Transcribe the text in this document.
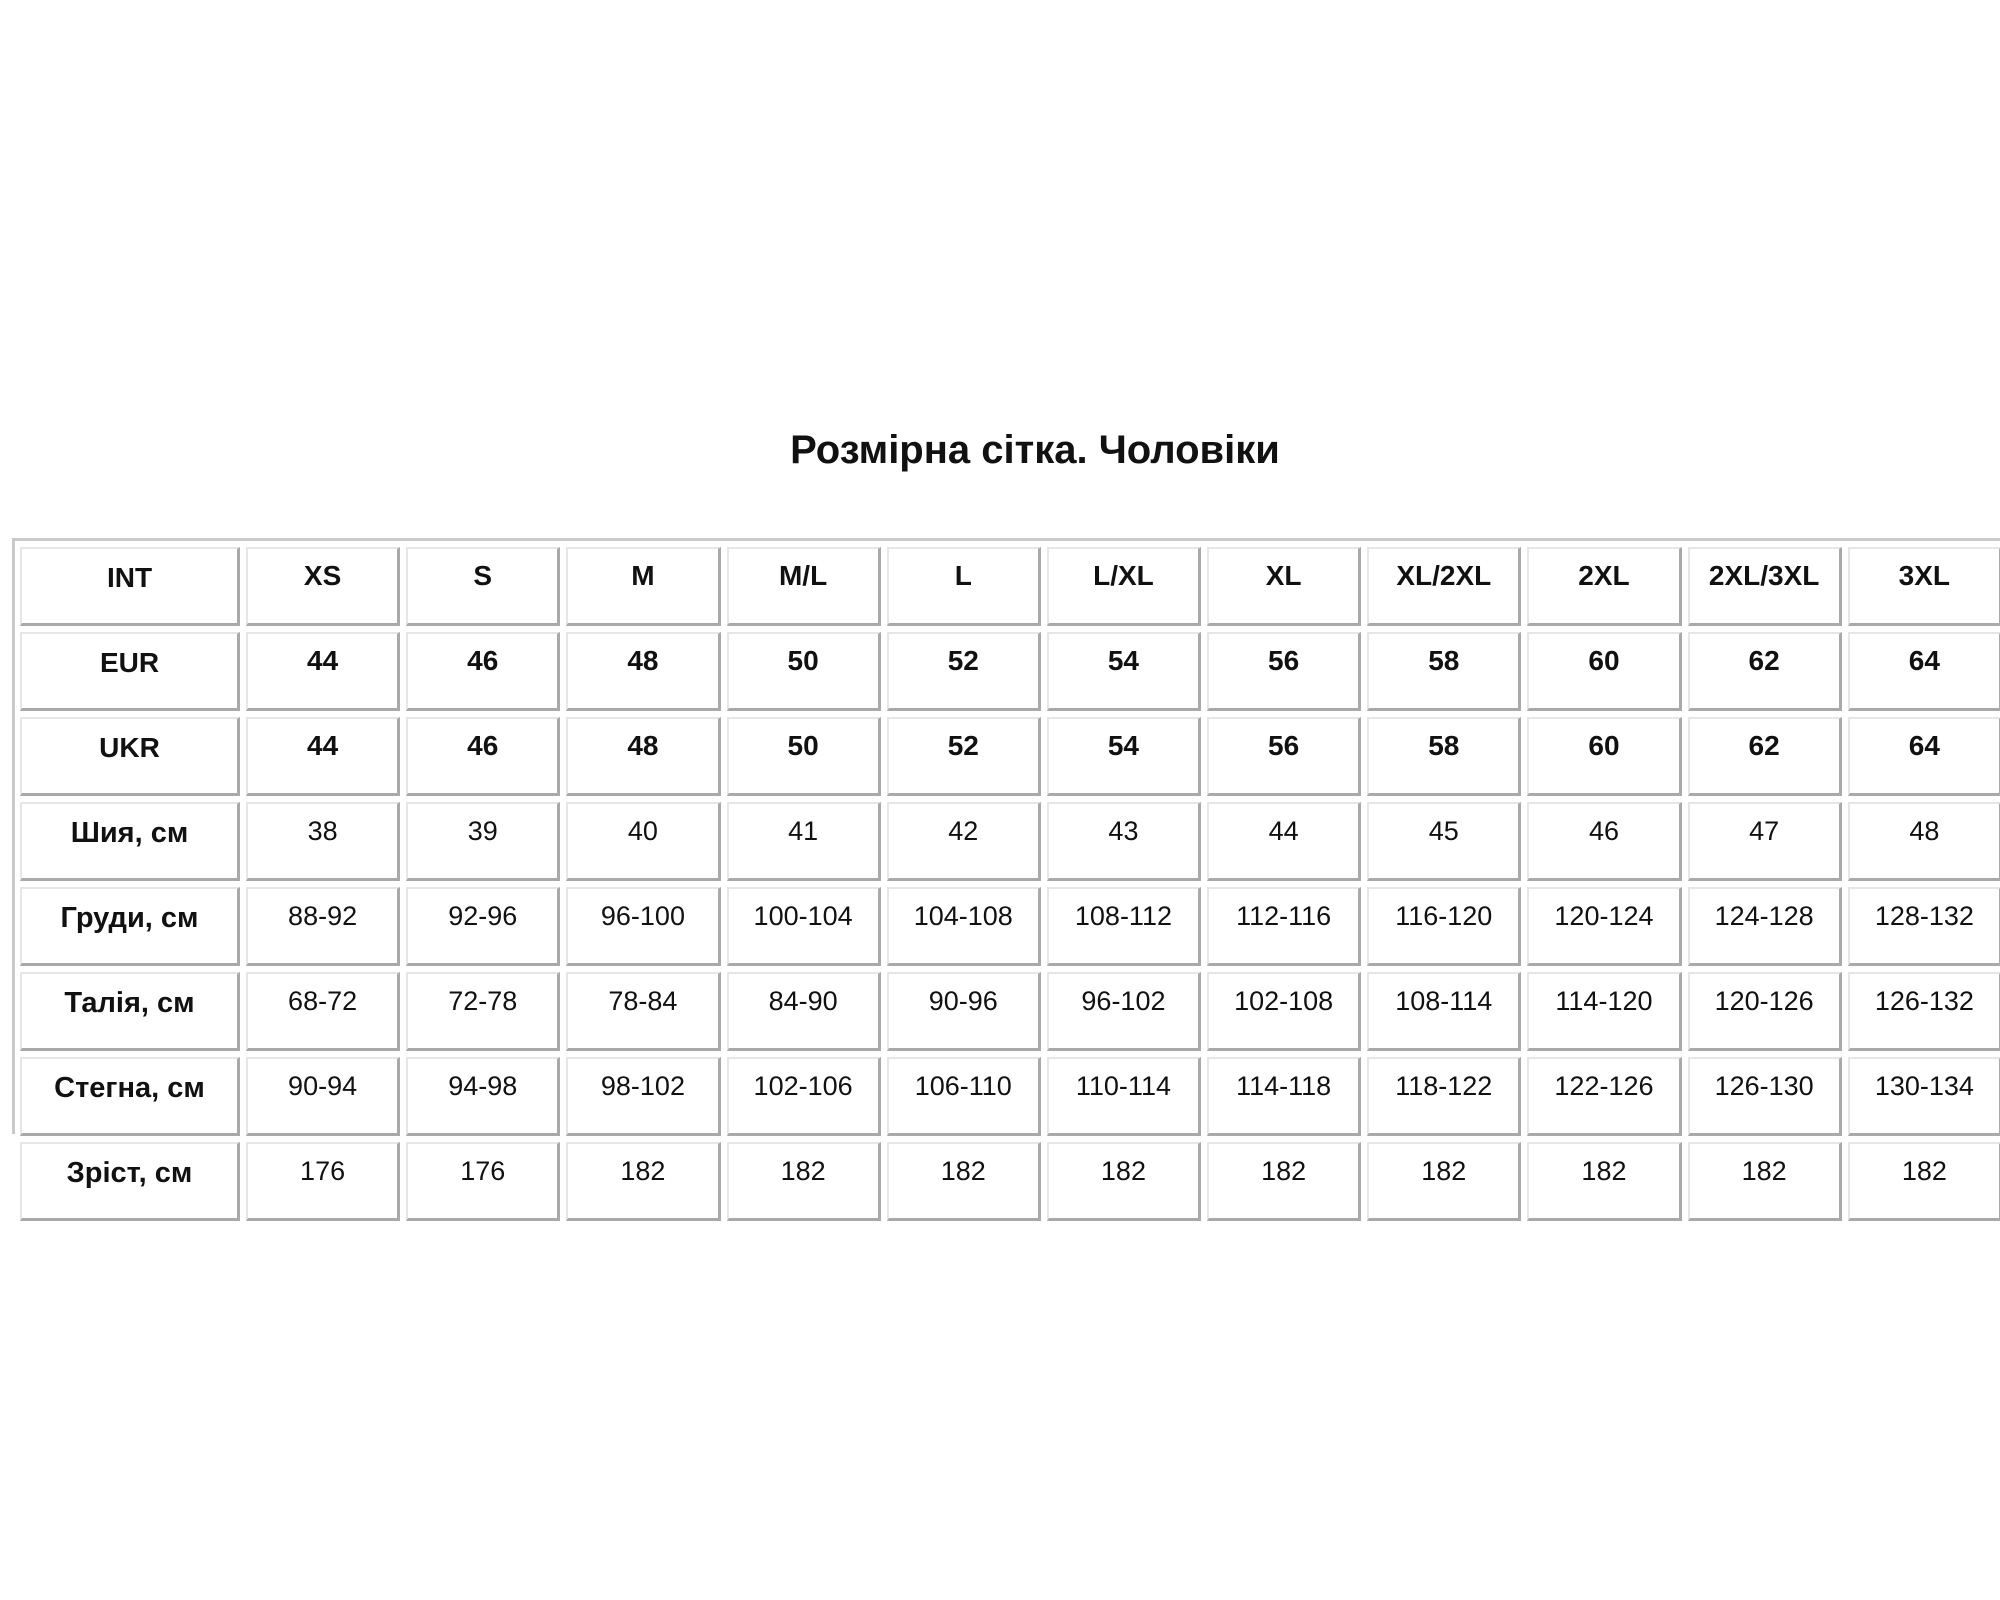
Розмірна сітка. Чоловіки
INT	XS	S	M	M/L	L	L/XL	XL	XL/2XL	2XL	2XL/3XL	3XL
EUR	44	46	48	50	52	54	56	58	60	62	64
UKR	44	46	48	50	52	54	56	58	60	62	64
Шия, см	38	39	40	41	42	43	44	45	46	47	48
Груди, см	88-92	92-96	96-100	100-104	104-108	108-112	112-116	116-120	120-124	124-128	128-132
Талія, см	68-72	72-78	78-84	84-90	90-96	96-102	102-108	108-114	114-120	120-126	126-132
Стегна, см	90-94	94-98	98-102	102-106	106-110	110-114	114-118	118-122	122-126	126-130	130-134
Зріст, см	176	176	182	182	182	182	182	182	182	182	182
